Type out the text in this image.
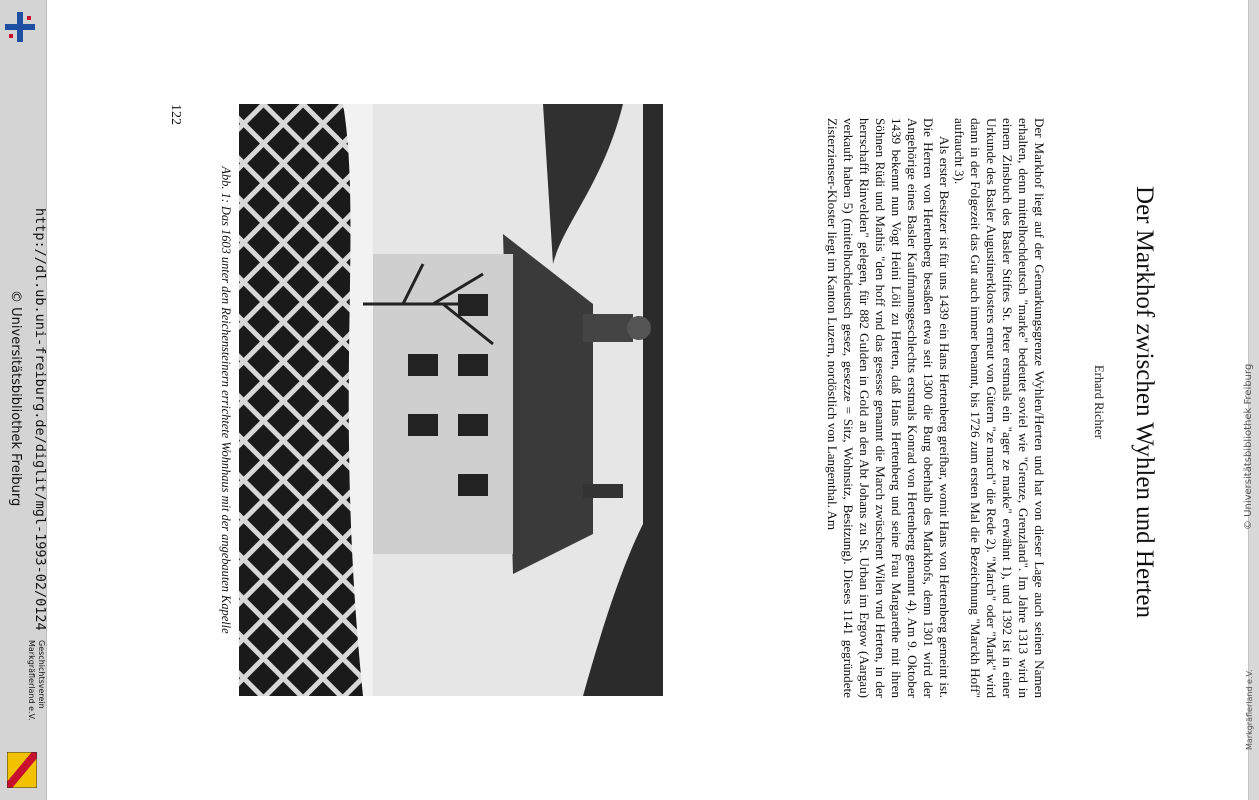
© Universitätsbibliothek Freiburg
Markgräflerland e.V.
Der Markhof zwischen Wyhlen und Herten
Erhard Richter

Der Markhof liegt auf der Gemarkungsgrenze Wyhlen/Herten und hat von dieser Lage auch seinen Namen erhalten, denn mittelhochdeutsch "marke" bedeutet soviel wie "Grenze, Grenzland". Im Jahre 1313 wird in einem Zinsbuch des Basler Stiftes St. Peter erstmals ein "ager ze marke" erwähnt 1), und 1392 ist in einer Urkunde des Basler Augustinerklosters erneut von Gütern "ze march" die Rede 2). "March" oder "Mark" wird dann in der Folgezeit das Gut auch immer benannt, bis 1726 zum ersten Mal die Bezeichnung "Marckh Hoff" auftaucht 3).

Als erster Besitzer ist für uns 1439 ein Hans Hertenberg greifbar, womit Hans von Hertenberg gemeint ist. Die Herren von Hertenberg besaßen etwa seit 1300 die Burg oberhalb des Markhofs, denn 1301 wird der Angehörige eines Basler Kaufmannsgeschlechts erstmals Konrad von Hertenberg genannt 4). Am 9. Oktober 1439 bekennt nun Vogt Heini Löli zu Herten, daß Hans Hertenberg und seine Frau Margarethe mit ihren Söhnen Rüdi und Mathis "den hoff vnd das gesesse genannt die March zwüschent Wilen vnd Herten, in der herrschafft Rinvelden" gelegen, für 882 Gulden in Gold an den Abt Johans zu St. Urban im Ergow (Aargau) verkauft haben 5) (mittelhochdeutsch gesez, gesezze = Sitz, Wohnsitz, Besitzung). Dieses 1141 gegründete Zisterzienser-Kloster liegt im Kanton Luzern, nordöstlich von Langenthal. Am

Abb. 1: Das 1603 unter den Reichensteinern errichtete Wohnhaus mit der angebauten Kapelle
122
http://dl.ub.uni-freiburg.de/diglit/mgl-1993-02/0124
© Universitätsbibliothek Freiburg
Geschichtsverein
Markgräflerland e.V.
